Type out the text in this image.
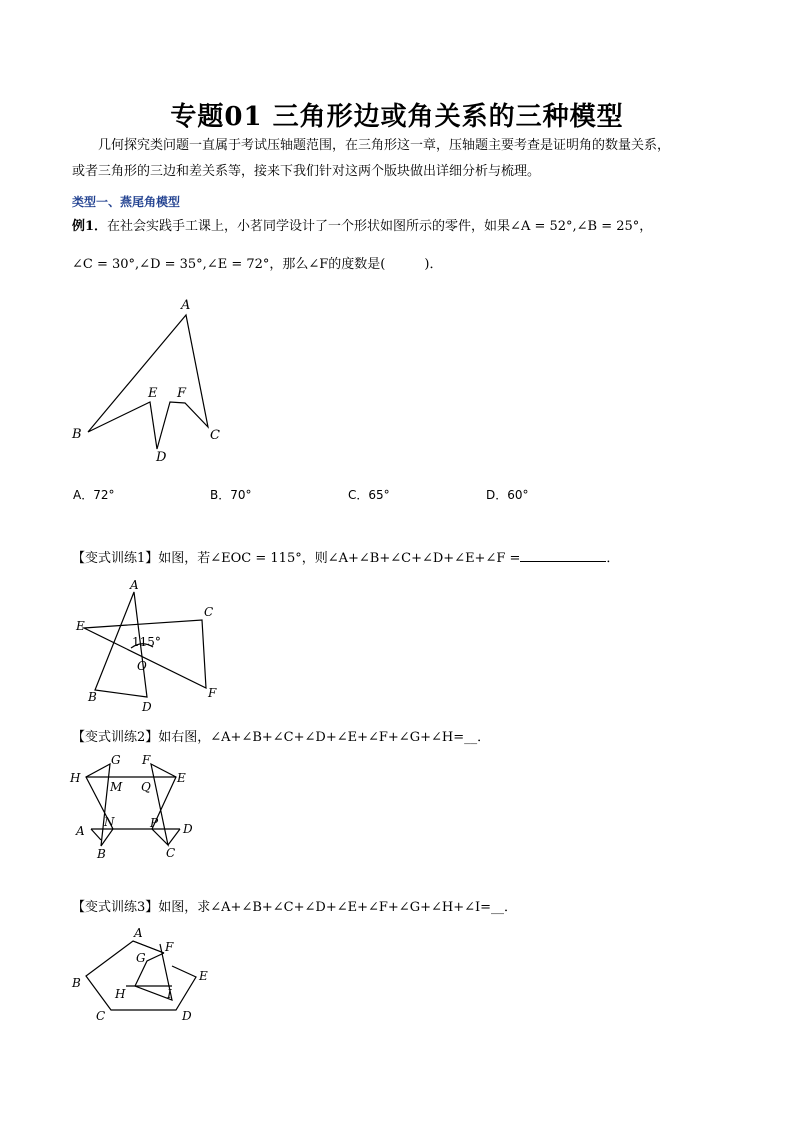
专题01 三角形边或角关系的三种模型
几何探究类问题一直属于考试压轴题范围，在三角形这一章，压轴题主要考查是证明角的数量关系，
或者三角形的三边和差关系等，接来下我们针对这两个版块做出详细分析与梳理。
类型一、燕尾角模型
例1．在社会实践手工课上，小茗同学设计了一个形状如图所示的零件，如果∠A = 52°,∠B = 25°，
∠C = 30°,∠D = 35°,∠E = 72°，那么∠F的度数是(　　　)．
A
B	C
D
E F
A．72°	B．70°	C．65°	D．60°
【变式训练1】如图，若∠EOC = 115°，则∠A+∠B+∠C+∠D+∠E+∠F =	．
A
B
C
D
E
F
O
115°
【变式训练2】如右图，∠A+∠B+∠C+∠D+∠E+∠F+∠G+∠H=__．
H
G F
E
M Q
A
N	P D
B	C
【变式训练3】如图，求∠A+∠B+∠C+∠D+∠E+∠F+∠G+∠H+∠I=__．
A
F
G
E
B
H	I
C	D
